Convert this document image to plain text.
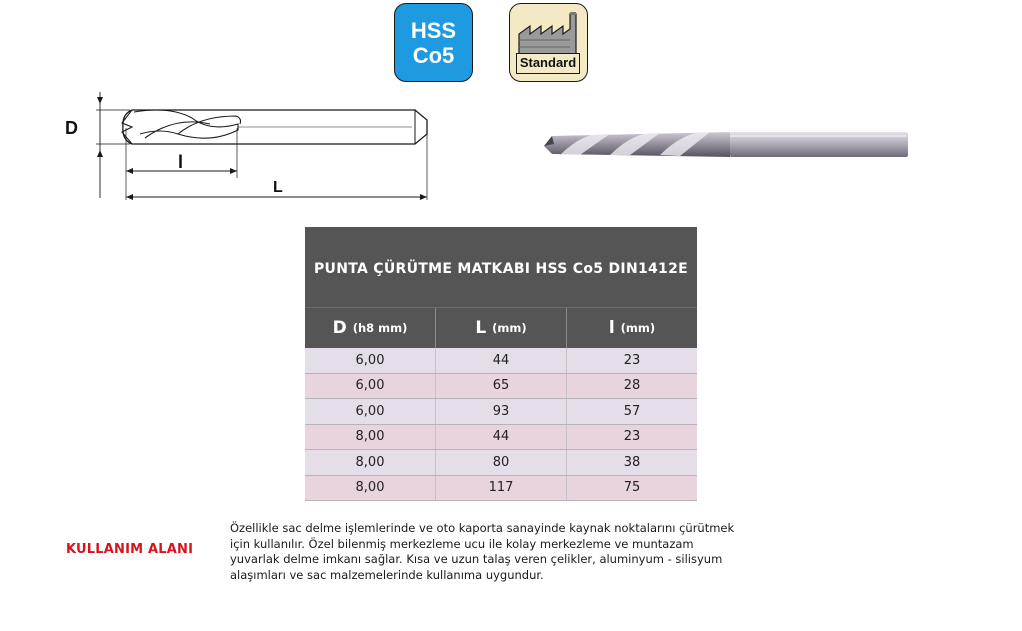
HSS
Co5	Standard
D
l
L
PUNTA ÇÜRÜTME MATKABI HSS Co5 DIN1412E
D (h8 mm)	L (mm)	l (mm)
6,00	44	23
6,00	65	28
6,00	93	57
8,00	44	23
8,00	80	38
8,00	117	75
KULLANIM ALANI
Özellikle sac delme işlemlerinde ve oto kaporta sanayinde kaynak noktalarını çürütmek
için kullanılır. Özel bilenmiş merkezleme ucu ile kolay merkezleme ve muntazam
yuvarlak delme imkanı sağlar. Kısa ve uzun talaş veren çelikler, aluminyum - silisyum
alaşımları ve sac malzemelerinde kullanıma uygundur.
